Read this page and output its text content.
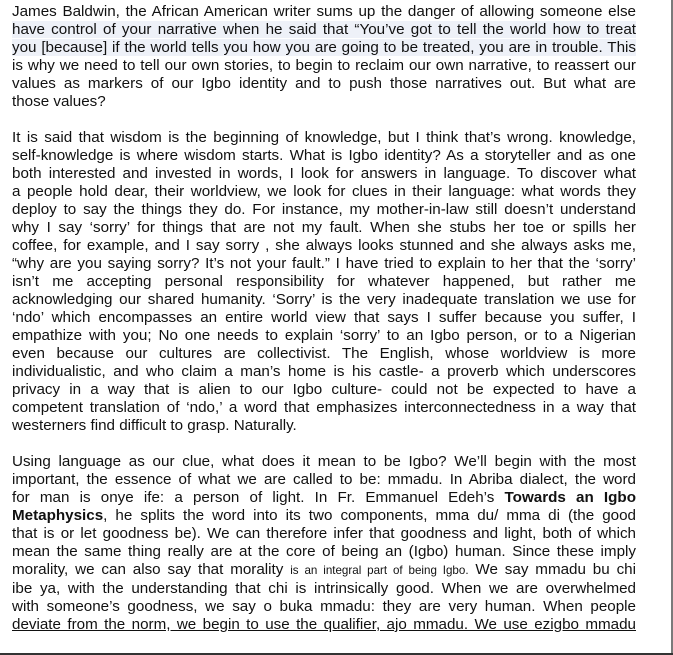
James Baldwin, the African American writer sums up the danger of allowing someone else
have control of your narrative when he said that “You’ve got to tell the world how to treat
you [because] if the world tells you how you are going to be treated, you are in trouble. This
is why we need to tell our own stories, to begin to reclaim our own narrative, to reassert our
values as markers of our Igbo identity and to push those narratives out. But what are
those values?

It is said that wisdom is the beginning of knowledge, but I think that’s wrong. knowledge,
self-knowledge is where wisdom starts. What is Igbo identity? As a storyteller and as one
both interested and invested in words, I look for answers in language. To discover what
a people hold dear, their worldview, we look for clues in their language: what words they
deploy to say the things they do. For instance, my mother-in-law still doesn’t understand
why I say ‘sorry’ for things that are not my fault. When she stubs her toe or spills her
coffee, for example, and I say sorry , she always looks stunned and she always asks me,
“why are you saying sorry? It’s not your fault.” I have tried to explain to her that the ‘sorry’
isn’t me accepting personal responsibility for whatever happened, but rather me
acknowledging our shared humanity. ‘Sorry’ is the very inadequate translation we use for
‘ndo’ which encompasses an entire world view that says I suffer because you suffer, I
empathize with you; No one needs to explain ‘sorry’ to an Igbo person, or to a Nigerian
even because our cultures are collectivist. The English, whose worldview is more
individualistic, and who claim a man’s home is his castle- a proverb which underscores
privacy in a way that is alien to our Igbo culture- could not be expected to have a
competent translation of ‘ndo,’ a word that emphasizes interconnectedness in a way that
westerners find difficult to grasp. Naturally.

Using language as our clue, what does it mean to be Igbo? We’ll begin with the most
important, the essence of what we are called to be: mmadu. In Abriba dialect, the word
for man is onye ife: a person of light. In Fr. Emmanuel Edeh’s Towards an Igbo
Metaphysics, he splits the word into its two components, mma du/ mma di (the good
that is or let goodness be). We can therefore infer that goodness and light, both of which
mean the same thing really are at the core of being an (Igbo) human. Since these imply
morality, we can also say that morality is an integral part of being Igbo. We say mmadu bu chi
ibe ya, with the understanding that chi is intrinsically good. When we are overwhelmed
with someone’s goodness, we say o buka mmadu: they are very human. When people
deviate from the norm, we begin to use the qualifier, ajo mmadu. We use ezigbo mmadu
